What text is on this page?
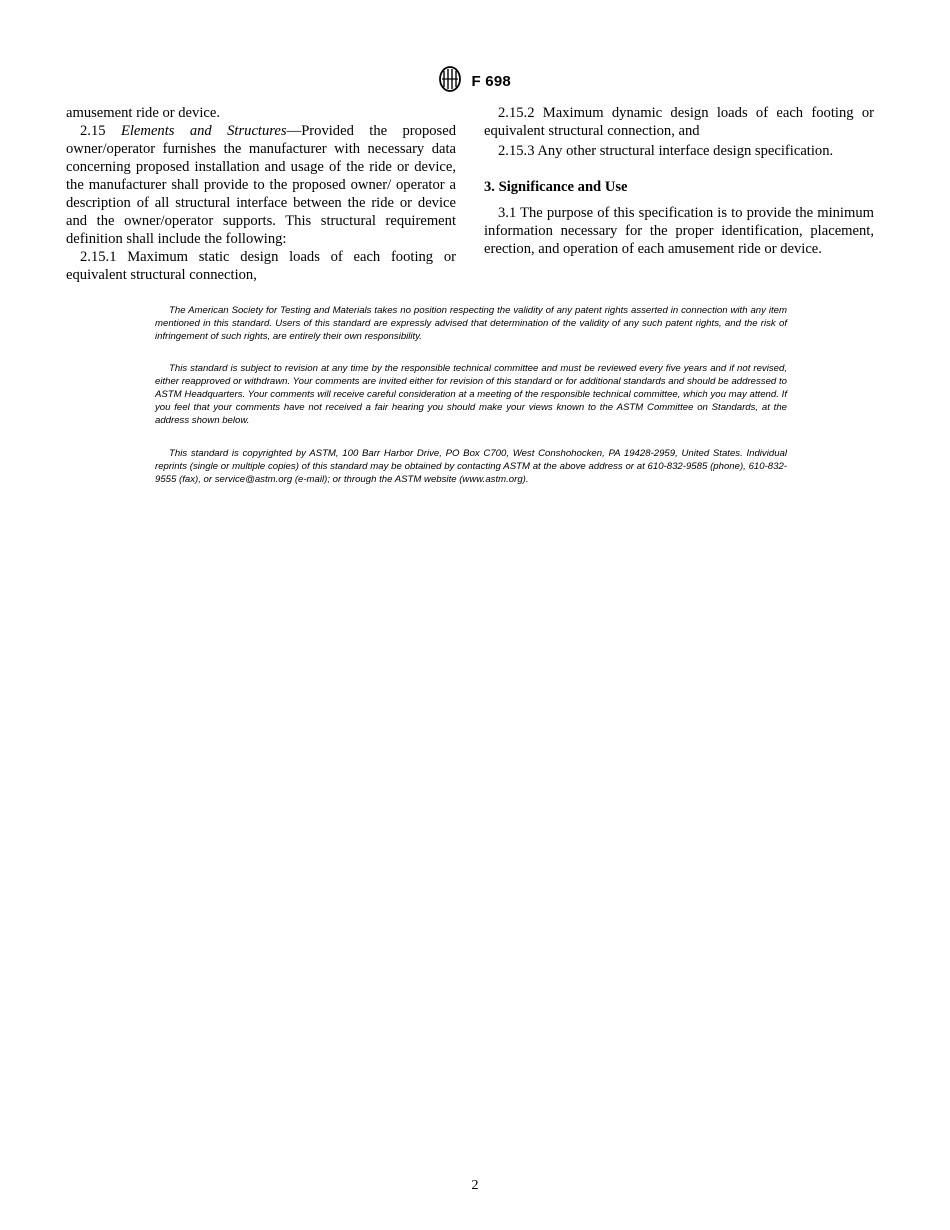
F 698

amusement ride or device.

2.15 Elements and Structures—Provided the proposed owner/operator furnishes the manufacturer with necessary data concerning proposed installation and usage of the ride or device, the manufacturer shall provide to the proposed owner/ operator a description of all structural interface between the ride or device and the owner/operator supports. This structural requirement definition shall include the following:

2.15.1 Maximum static design loads of each footing or equivalent structural connection,

2.15.2 Maximum dynamic design loads of each footing or equivalent structural connection, and

2.15.3 Any other structural interface design specification.

3. Significance and Use

3.1 The purpose of this specification is to provide the minimum information necessary for the proper identification, placement, erection, and operation of each amusement ride or device.

The American Society for Testing and Materials takes no position respecting the validity of any patent rights asserted in connection with any item mentioned in this standard. Users of this standard are expressly advised that determination of the validity of any such patent rights, and the risk of infringement of such rights, are entirely their own responsibility.

This standard is subject to revision at any time by the responsible technical committee and must be reviewed every five years and if not revised, either reapproved or withdrawn. Your comments are invited either for revision of this standard or for additional standards and should be addressed to ASTM Headquarters. Your comments will receive careful consideration at a meeting of the responsible technical committee, which you may attend. If you feel that your comments have not received a fair hearing you should make your views known to the ASTM Committee on Standards, at the address shown below.

This standard is copyrighted by ASTM, 100 Barr Harbor Drive, PO Box C700, West Conshohocken, PA 19428-2959, United States. Individual reprints (single or multiple copies) of this standard may be obtained by contacting ASTM at the above address or at 610-832-9585 (phone), 610-832-9555 (fax), or service@astm.org (e-mail); or through the ASTM website (www.astm.org).

2
